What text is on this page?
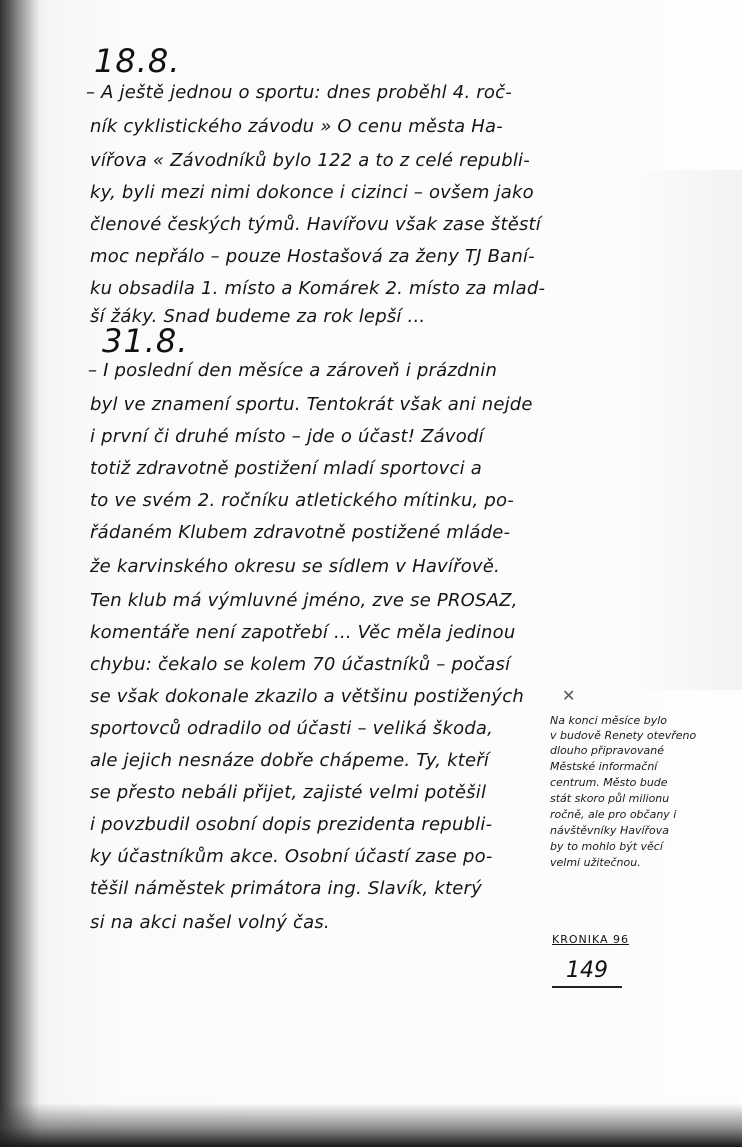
18.8.
– A ještě jednou o sportu: dnes proběhl 4. roč-
ník cyklistického závodu » O cenu města Ha-
vířova « Závodníků bylo 122 a to z celé republi-
ky, byli mezi nimi dokonce i cizinci – ovšem jako
členové českých týmů. Havířovu však zase štěstí
moc nepřálo – pouze Hostašová za ženy TJ Baní-
ku obsadila 1. místo a Komárek 2. místo za mlad-
ší žáky. Snad budeme za rok lepší ...
31.8.
– I poslední den měsíce a zároveň i prázdnin
byl ve znamení sportu. Tentokrát však ani nejde
i první či druhé místo – jde o účast! Závodí
totiž zdravotně postižení mladí sportovci a
to ve svém 2. ročníku atletického mítinku, po-
řádaném Klubem zdravotně postižené mláde-
že karvinského okresu se sídlem v Havířově.
Ten klub má výmluvné jméno, zve se PROSAZ,
komentáře není zapotřebí ... Věc měla jedinou
chybu: čekalo se kolem 70 účastníků – počasí
se však dokonale zkazilo a většinu postižených
sportovců odradilo od účasti – veliká škoda,
ale jejich nesnáze dobře chápeme. Ty, kteří
se přesto nebáli přijet, zajisté velmi potěšil
i povzbudil osobní dopis prezidenta republi-
ky účastníkům akce. Osobní účastí zase po-
těšil náměstek primátora ing. Slavík, který
si na akci našel volný čas.
✕
Na konci měsíce bylo
v budově Renety otevřeno
dlouho připravované
Městské informační
centrum. Město bude
stát skoro půl milionu
ročně, ale pro občany i
návštěvníky Havířova
by to mohlo být věcí
velmi užitečnou.
KRONIKA 96
149
